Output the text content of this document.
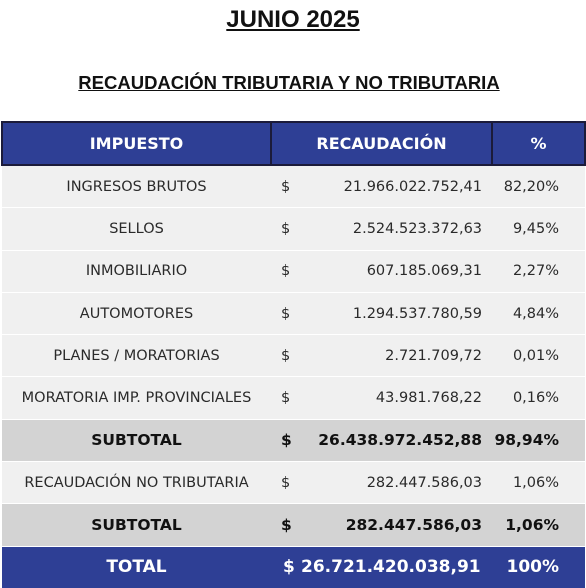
JUNIO 2025
RECAUDACIÓN TRIBUTARIA Y NO TRIBUTARIA
IMPUESTO	RECAUDACIÓN		%
INGRESOS BRUTOS	$	21.966.022.752,41	82,20%
SELLOS	$	2.524.523.372,63	9,45%
INMOBILIARIO	$	607.185.069,31	2,27%
AUTOMOTORES	$	1.294.537.780,59	4,84%
PLANES / MORATORIAS	$	2.721.709,72	0,01%
MORATORIA IMP. PROVINCIALES	$	43.981.768,22	0,16%
SUBTOTAL	$	26.438.972.452,88	98,94%
RECAUDACIÓN NO TRIBUTARIA	$	282.447.586,03	1,06%
SUBTOTAL	$	282.447.586,03	1,06%
TOTAL	$	26.721.420.038,91	100%
